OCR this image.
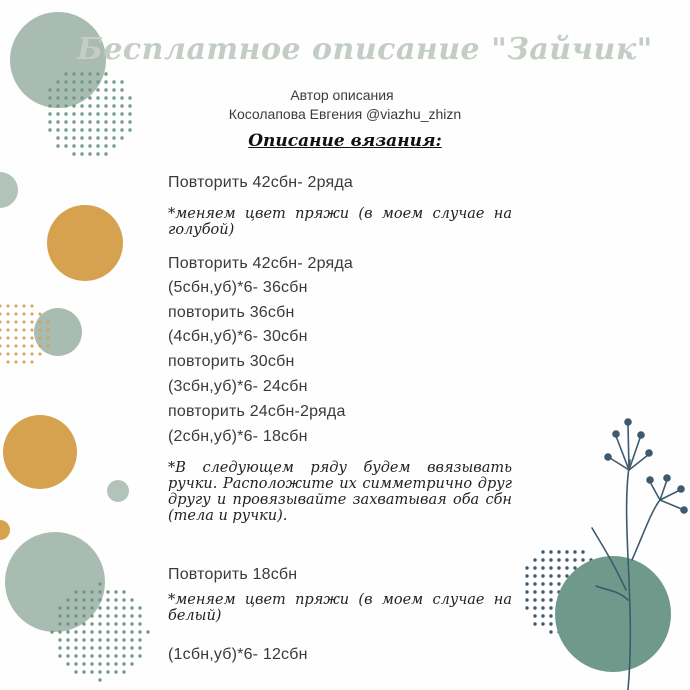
Бесплатное описание "Зайчик"
Автор описания
Косолапова Евгения @viazhu_zhizn
Описание вязания:
Повторить 42сбн- 2ряда
*меняем цвет пряжи (в моем случае на голубой)
Повторить 42сбн- 2ряда
(5сбн,уб)*6- 36сбн
повторить 36сбн
(4сбн,уб)*6- 30сбн
повторить 30сбн
(3сбн,уб)*6- 24сбн
повторить 24сбн-2ряда
(2сбн,уб)*6- 18сбн
*В следующем ряду будем ввязывать ручки. Расположите их симметрично друг другу и провязывайте захватывая оба сбн (тела и ручки).
Повторить 18сбн
*меняем цвет пряжи (в моем случае на белый)
(1сбн,уб)*6- 12сбн
